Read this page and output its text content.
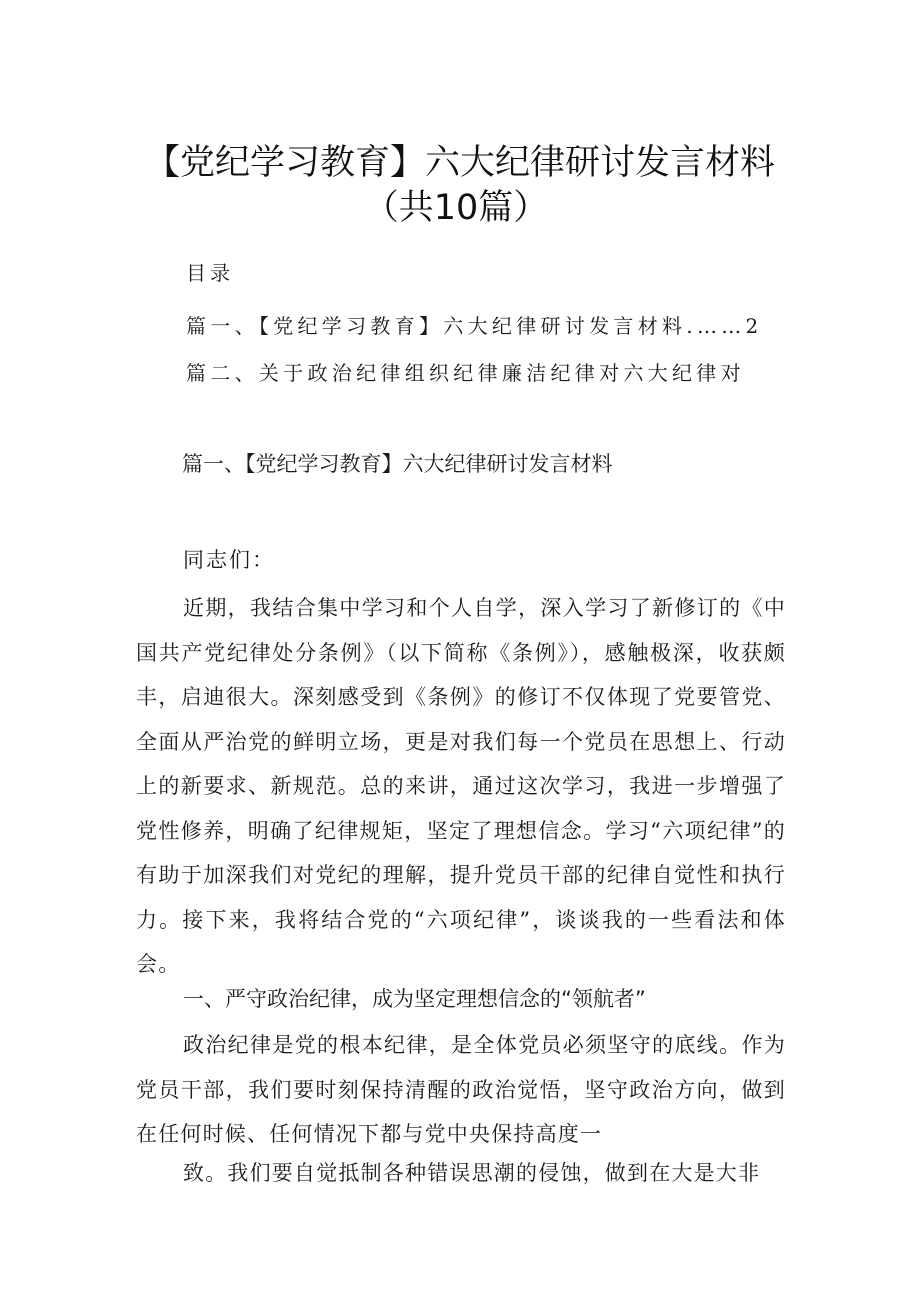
【党纪学习教育】六大纪律研讨发言材料
（共10篇）
目录
篇一、【党纪学习教育】六大纪律研讨发言材料.……2
篇二、关于政治纪律组织纪律廉洁纪律对六大纪律对
篇一、【党纪学习教育】六大纪律研讨发言材料
同志们：
近期，我结合集中学习和个人自学，深入学习了新修订的《中国共产党纪律处分条例》（以下简称《条例》），感触极深，收获颇丰，启迪很大。深刻感受到《条例》的修订不仅体现了党要管党、全面从严治党的鲜明立场，更是对我们每一个党员在思想上、行动上的新要求、新规范。总的来讲，通过这次学习，我进一步增强了党性修养，明确了纪律规矩，坚定了理想信念。学习“六项纪律”的有助于加深我们对党纪的理解，提升党员干部的纪律自觉性和执行力。接下来，我将结合党的“六项纪律”，谈谈我的一些看法和体会。
一、严守政治纪律，成为坚定理想信念的“领航者”
政治纪律是党的根本纪律，是全体党员必须坚守的底线。作为党员干部，我们要时刻保持清醒的政治觉悟，坚守政治方向，做到在任何时候、任何情况下都与党中央保持高度一
致。我们要自觉抵制各种错误思潮的侵蚀，做到在大是大非
